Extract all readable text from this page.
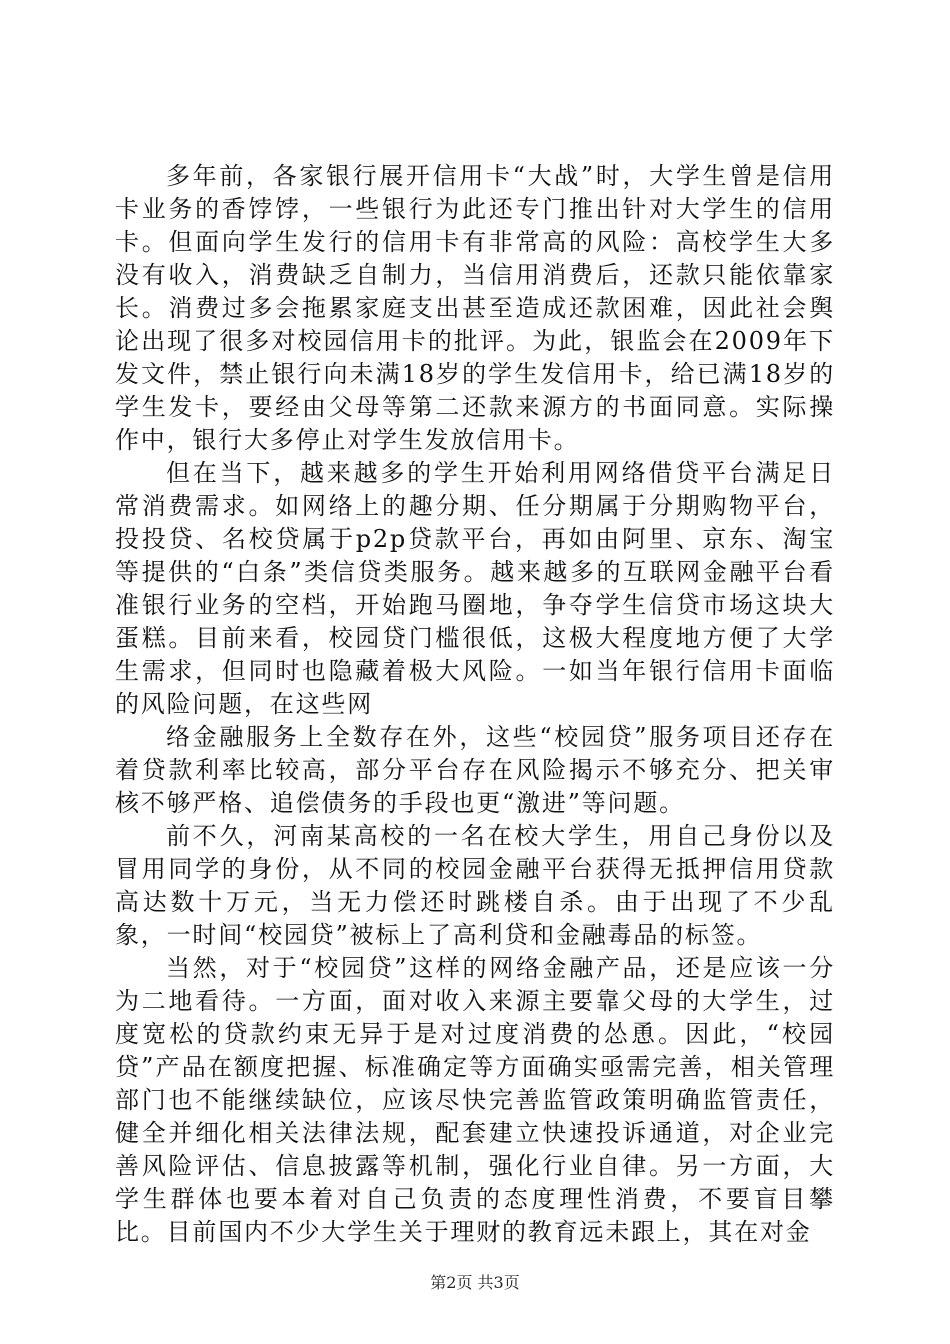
多年前，各家银行展开信用卡“大战”时，大学生曾是信用卡业务的香饽饽，一些银行为此还专门推出针对大学生的信用卡。但面向学生发行的信用卡有非常高的风险：高校学生大多没有收入，消费缺乏自制力，当信用消费后，还款只能依靠家长。消费过多会拖累家庭支出甚至造成还款困难，因此社会舆论出现了很多对校园信用卡的批评。为此，银监会在2009年下发文件，禁止银行向未满18岁的学生发信用卡，给已满18岁的学生发卡，要经由父母等第二还款来源方的书面同意。实际操作中，银行大多停止对学生发放信用卡。

但在当下，越来越多的学生开始利用网络借贷平台满足日常消费需求。如网络上的趣分期、任分期属于分期购物平台，投投贷、名校贷属于p2p贷款平台，再如由阿里、京东、淘宝等提供的“白条”类信贷类服务。越来越多的互联网金融平台看准银行业务的空档，开始跑马圈地，争夺学生信贷市场这块大蛋糕。目前来看，校园贷门槛很低，这极大程度地方便了大学生需求，但同时也隐藏着极大风险。一如当年银行信用卡面临的风险问题，在这些网

络金融服务上全数存在外，这些“校园贷”服务项目还存在着贷款利率比较高，部分平台存在风险揭示不够充分、把关审核不够严格、追偿债务的手段也更“激进”等问题。

前不久，河南某高校的一名在校大学生，用自己身份以及冒用同学的身份，从不同的校园金融平台获得无抵押信用贷款高达数十万元，当无力偿还时跳楼自杀。由于出现了不少乱象，一时间“校园贷”被标上了高利贷和金融毒品的标签。

当然，对于“校园贷”这样的网络金融产品，还是应该一分为二地看待。一方面，面对收入来源主要靠父母的大学生，过度宽松的贷款约束无异于是对过度消费的怂恿。因此，“校园贷”产品在额度把握、标准确定等方面确实亟需完善，相关管理部门也不能继续缺位，应该尽快完善监管政策明确监管责任，健全并细化相关法律法规，配套建立快速投诉通道，对企业完善风险评估、信息披露等机制，强化行业自律。另一方面，大学生群体也要本着对自己负责的态度理性消费，不要盲目攀比。目前国内不少大学生关于理财的教育远未跟上，其在对金

第2页 共3页
